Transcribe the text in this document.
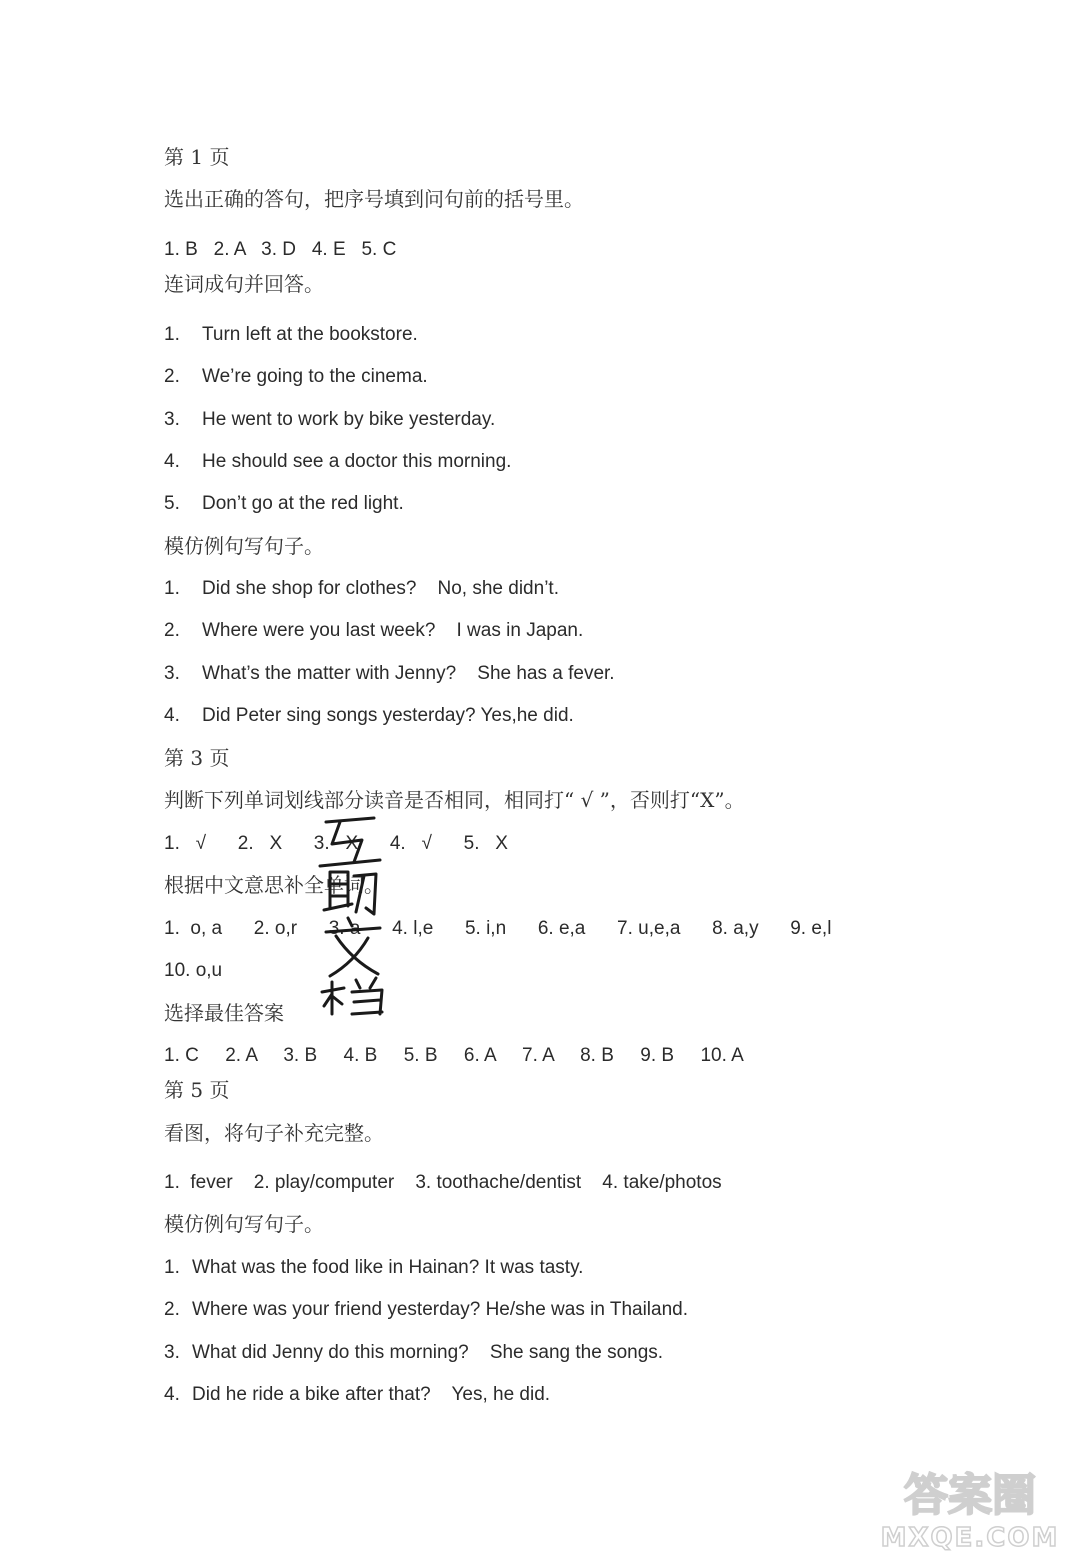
第 1 页
选出正确的答句，把序号填到问句前的括号里。
1. B   2. A   3. D   4. E   5. C
连词成句并回答。
1. Turn left at the bookstore.
2. We’re going to the cinema.
3. He went to work by bike yesterday.
4. He should see a doctor this morning.
5. Don’t go at the red light.
模仿例句写句子。
1. Did she shop for clothes?    No, she didn’t.
2. Where were you last week?    I was in Japan.
3. What’s the matter with Jenny?    She has a fever.
4. Did Peter sing songs yesterday? Yes,he did.
第 3 页
判断下列单词划线部分读音是否相同，相同打“ √ ”，否则打“X”。
1.   √      2.   X      3.   X      4.   √      5.   X
根据中文意思补全单词。
1.  o, a      2. o,r      3. a      4. l,e      5. i,n      6. e,a      7. u,e,a      8. a,y      9. e,l
10. o,u
选择最佳答案
1. C     2. A     3. B     4. B     5. B     6. A     7. A     8. B     9. B     10. A
第 5 页
看图，将句子补充完整。
1.  fever    2. play/computer    3. toothache/dentist    4. take/photos
模仿例句写句子。
1. What was the food like in Hainan? It was tasty.
2. Where was your friend yesterday? He/she was in Thailand.
3. What did Jenny do this morning?    She sang the songs.
4. Did he ride a bike after that?    Yes, he did.
答案圈
MXQE.COM
